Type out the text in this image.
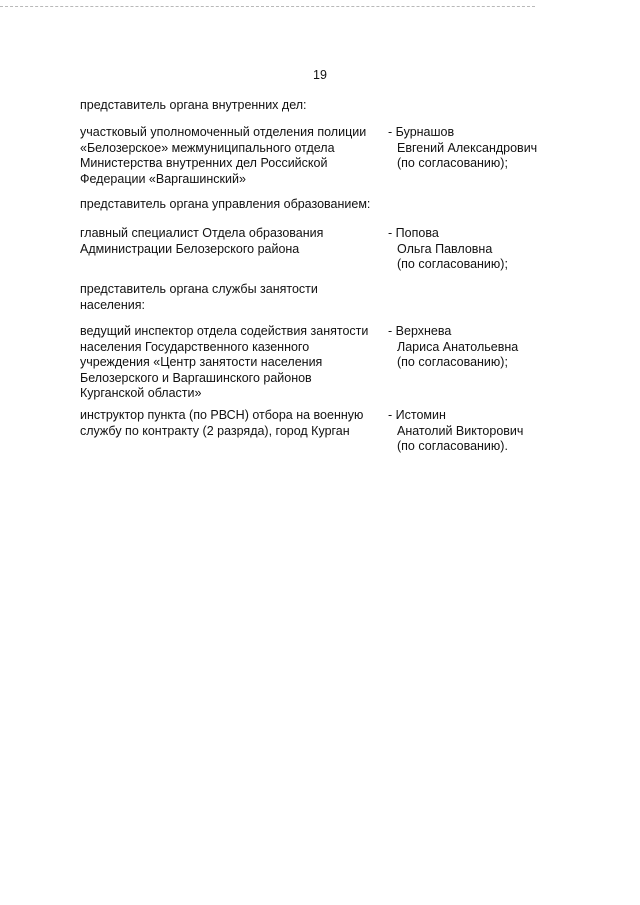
19
представитель органа внутренних дел:
участковый уполномоченный отделения полиции
«Белозерское» межмуниципального отдела
Министерства внутренних дел Российской
Федерации «Варгашинский»
- Бурнашов
Евгений Александрович
(по согласованию);
представитель органа управления образованием:
главный специалист Отдела образования
Администрации Белозерского района
- Попова
Ольга Павловна
(по согласованию);
представитель органа службы занятости
населения:
ведущий инспектор отдела содействия занятости
населения Государственного казенного
учреждения «Центр занятости населения
Белозерского и Варгашинского районов
Курганской области»
- Верхнева
Лариса Анатольевна
(по согласованию);
инструктор пункта (по РВСН) отбора на военную
службу по контракту (2 разряда), город Курган
- Истомин
Анатолий Викторович
(по согласованию).
